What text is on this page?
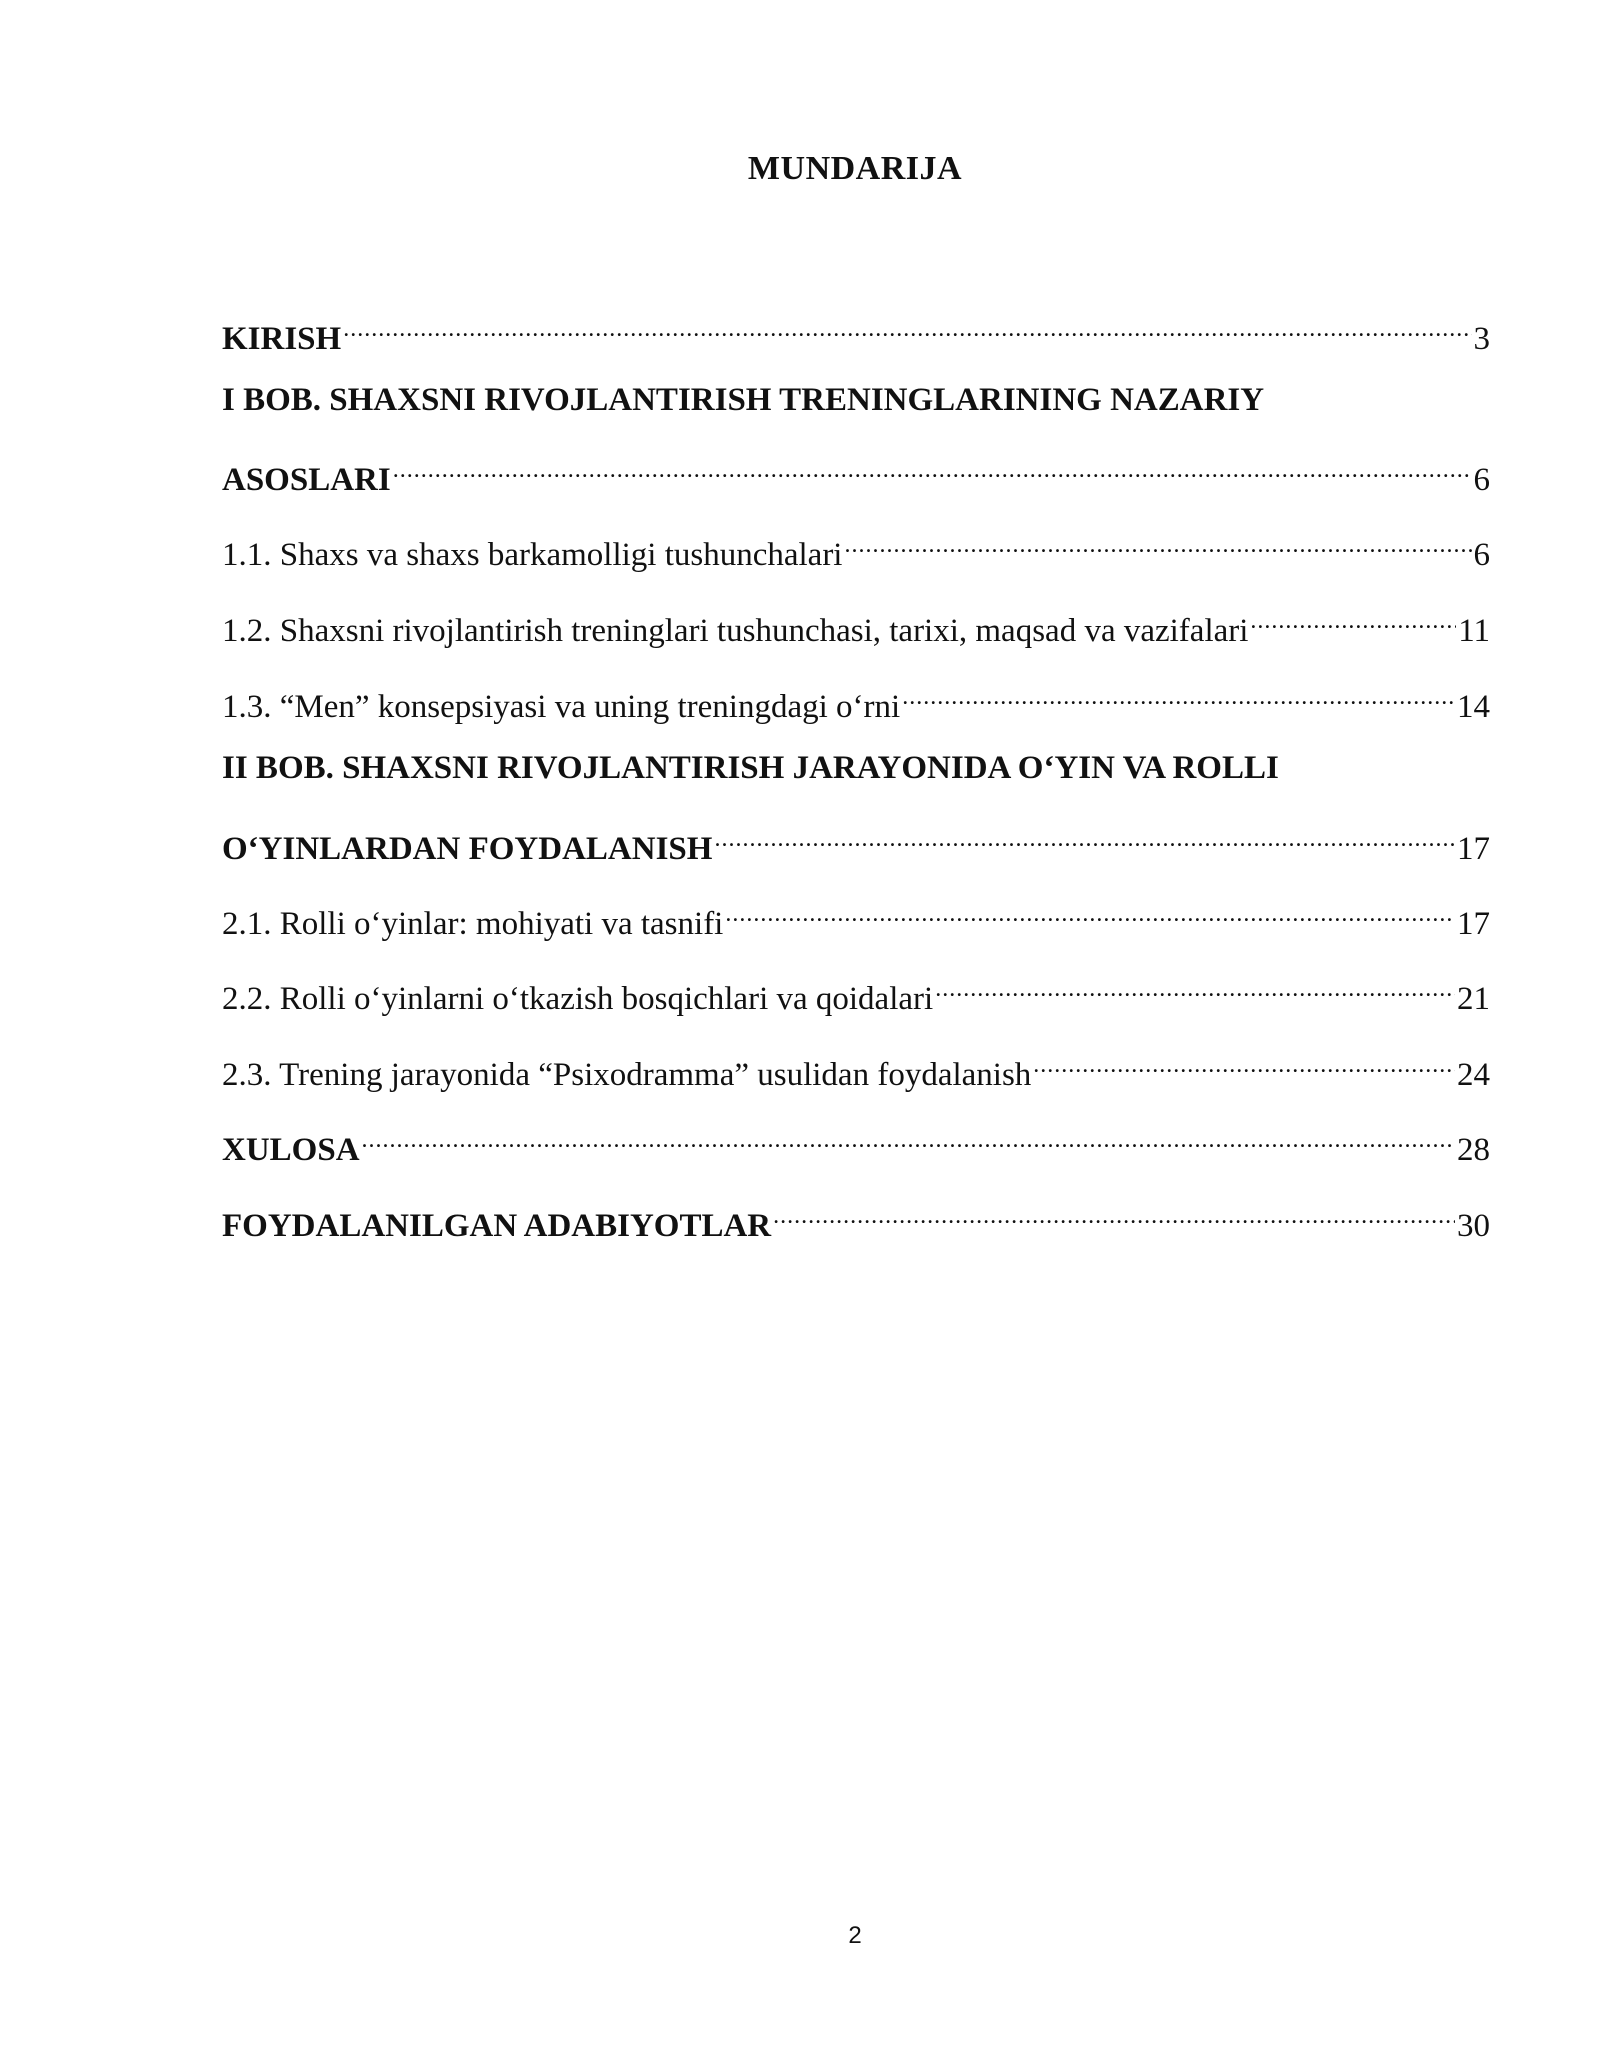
MUNDARIJA
KIRISH .....	3
I BOB. SHAXSNI RIVOJLANTIRISH TRENINGLARINING NAZARIY
ASOSLARI .....	6
1.1. Shaxs va shaxs barkamolligi tushunchalari .....	6
1.2. Shaxsni rivojlantirish treninglari tushunchasi, tarixi, maqsad va vazifalari .....	11
1.3. “Men” konsepsiyasi va uning treningdagi o‘rni .....	14
II BOB. SHAXSNI RIVOJLANTIRISH JARAYONIDA O‘YIN VA ROLLI
O‘YINLARDAN FOYDALANISH .....	17
2.1. Rolli o‘yinlar: mohiyati va tasnifi .....	17
2.2. Rolli o‘yinlarni o‘tkazish bosqichlari va qoidalari .....	21
2.3. Trening jarayonida “Psixodramma” usulidan foydalanish .....	24
XULOSA .....	28
FOYDALANILGAN ADABIYOTLAR .....	30
2
